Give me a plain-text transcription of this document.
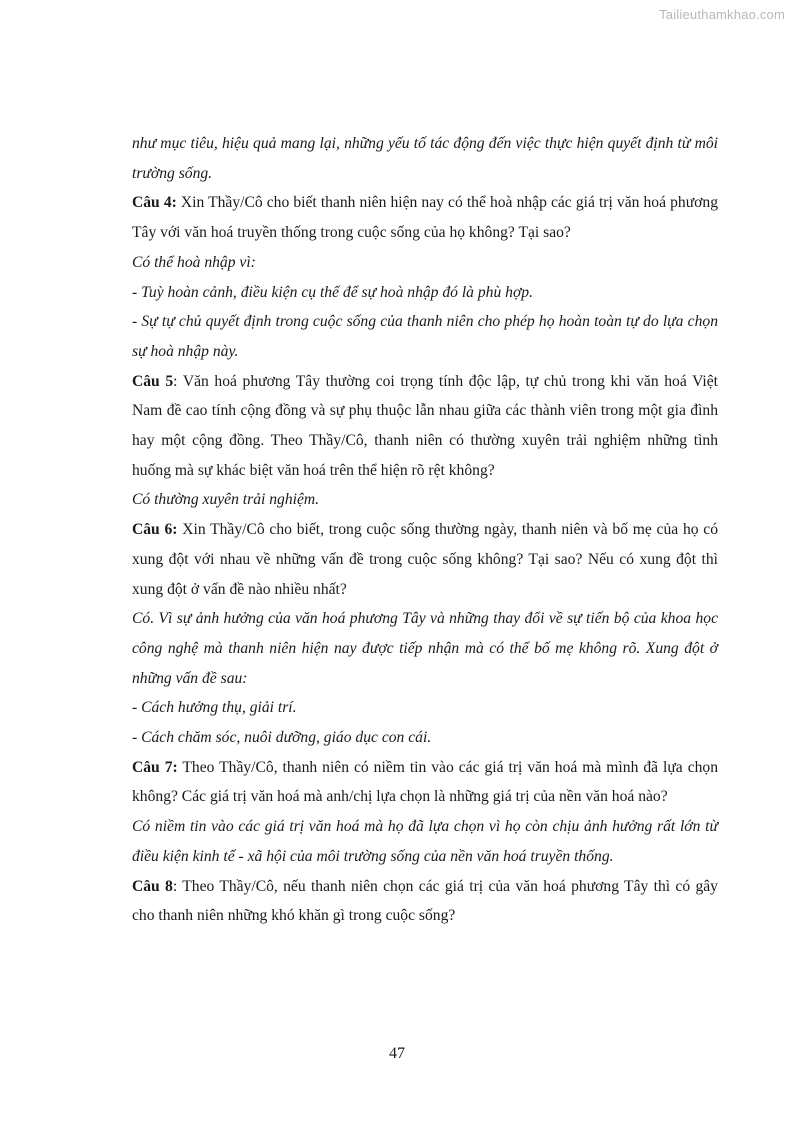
Tailieuthamkhao.com

như mục tiêu, hiệu quả mang lại, những yếu tố tác động đến việc thực hiện quyết định từ môi trường sống.

Câu 4: Xin Thầy/Cô cho biết thanh niên hiện nay có thể hoà nhập các giá trị văn hoá phương Tây với văn hoá truyền thống trong cuộc sống của họ không? Tại sao?

Có thể hoà nhập vì:

- Tuỳ hoàn cảnh, điều kiện cụ thể để sự hoà nhập đó là phù hợp.

- Sự tự chủ quyết định trong cuộc sống của thanh niên cho phép họ hoàn toàn tự do lựa chọn sự hoà nhập này.

Câu 5: Văn hoá phương Tây thường coi trọng tính độc lập, tự chủ trong khi văn hoá Việt Nam đề cao tính cộng đồng và sự phụ thuộc lẫn nhau giữa các thành viên trong một gia đình hay một cộng đồng. Theo Thầy/Cô, thanh niên có thường xuyên trải nghiệm những tình huống mà sự khác biệt văn hoá trên thể hiện rõ rệt không?

Có thường xuyên trải nghiệm.

Câu 6: Xin Thầy/Cô cho biết, trong cuộc sống thường ngày, thanh niên và bố mẹ của họ có xung đột với nhau về những vấn đề trong cuộc sống không? Tại sao? Nếu có xung đột thì xung đột ở vấn đề nào nhiều nhất?

Có. Vì sự ảnh hưởng của văn hoá phương Tây và những thay đổi về sự tiến bộ của khoa học công nghệ mà thanh niên hiện nay được tiếp nhận mà có thể bố mẹ không rõ. Xung đột ở những vấn đề sau:

- Cách hưởng thụ, giải trí.

- Cách chăm sóc, nuôi dưỡng, giáo dục con cái.

Câu 7: Theo Thầy/Cô, thanh niên có niềm tin vào các giá trị văn hoá mà mình đã lựa chọn không? Các giá trị văn hoá mà anh/chị lựa chọn là những giá trị của nền văn hoá nào?

Có niềm tin vào các giá trị văn hoá mà họ đã lựa chọn vì họ còn chịu ảnh hưởng rất lớn từ điều kiện kinh tế - xã hội của môi trường sống của nền văn hoá truyền thống.

Câu 8: Theo Thầy/Cô, nếu thanh niên chọn các giá trị của văn hoá phương Tây thì có gây cho thanh niên những khó khăn gì trong cuộc sống?

47
